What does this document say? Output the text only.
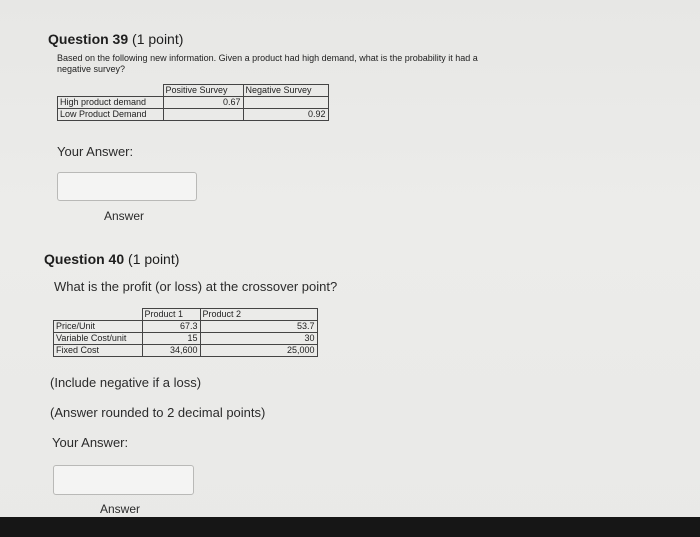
Question 39 (1 point)
Based on the following new information. Given a product had high demand, what is the probability it had a
negative survey?
	Positive Survey	Negative Survey
High product demand	0.67	
Low Product Demand		0.92
Your Answer:
Answer
Question 40 (1 point)
What is the profit (or loss) at the crossover point?
	Product 1	Product 2
Price/Unit	67.3	53.7
Variable Cost/unit	15	30
Fixed Cost	34,600	25,000
(Include negative if a loss)
(Answer rounded to 2 decimal points)
Your Answer:
Answer
